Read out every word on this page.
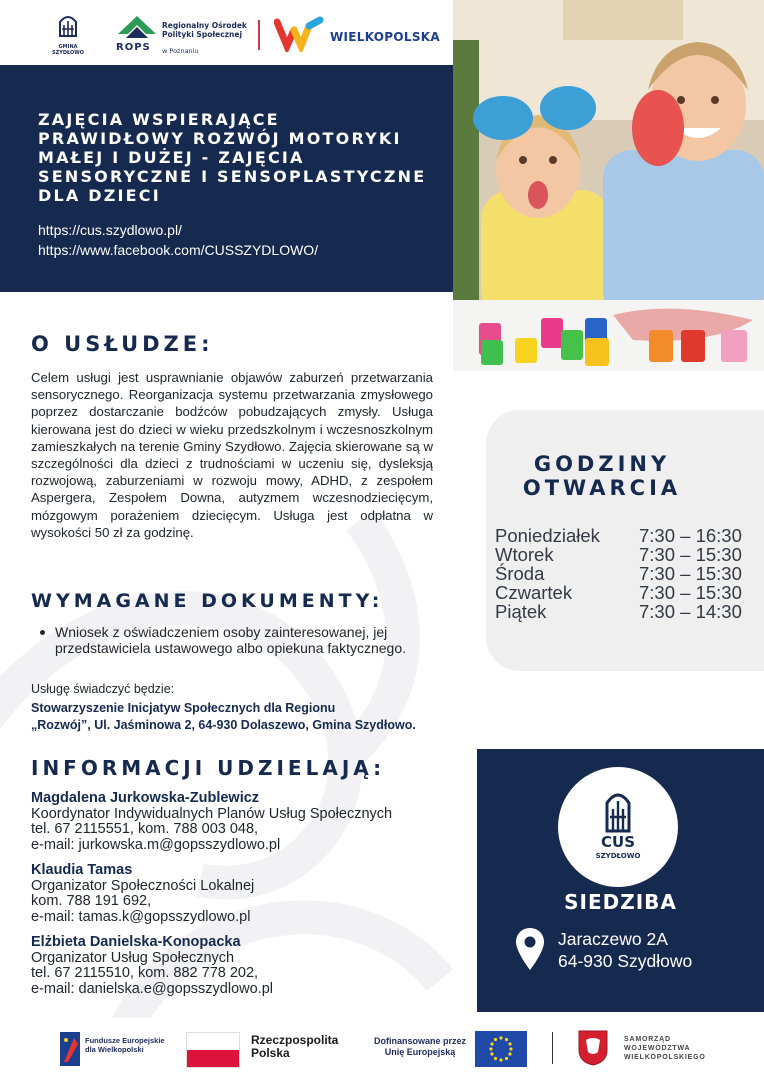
GMINA SZYDŁOWO	ROPS
Regionalny Ośrodek Polityki Społecznej
w Poznaniu
WIELKOPOLSKA
ZAJĘCIA WSPIERAJĄCE PRAWIDŁOWY ROZWÓJ MOTORYKI MAŁEJ I DUŻEJ - ZAJĘCIA SENSORYCZNE I SENSOPLASTYCZNE DLA DZIECI
https://cus.szydlowo.pl/
https://www.facebook.com/CUSSZYDLOWO/
O USŁUDZE:

Celem usługi jest usprawnianie objawów zaburzeń przetwarzania sensorycznego. Reorganizacja systemu przetwarzania zmysłowego poprzez dostarczanie bodźców pobudzających zmysły. Usługa kierowana jest do dzieci w wieku przedszkolnym i wczesnoszkolnym zamieszkałych na terenie Gminy Szydłowo. Zajęcia skierowane są w szczególności dla dzieci z trudnościami w uczeniu się, dysleksją rozwojową, zaburzeniami w rozwoju mowy, ADHD, z zespołem Aspergera, Zespołem Downa, autyzmem wczesnodziecięcym, mózgowym porażeniem dziecięcym. Usługa jest odpłatna w wysokości 50 zł za godzinę.

WYMAGANE DOKUMENTY:
Wniosek z oświadczeniem osoby zainteresowanej, jej przedstawiciela ustawowego albo opiekuna faktycznego.
Usługę świadczyć będzie:
Stowarzyszenie Inicjatyw Społecznych dla Regionu
„Rozwój”, Ul. Jaśminowa 2, 64-930 Dolaszewo, Gmina Szydłowo.
INFORMACJI UDZIELAJĄ:
Magdalena Jurkowska-Zublewicz
Koordynator Indywidualnych Planów Usług Społecznych
tel. 67 2115551, kom. 788 003 048,
e-mail: jurkowska.m@gopsszydlowo.pl
Klaudia Tamas
Organizator Społeczności Lokalnej
kom. 788 191 692,
e-mail: tamas.k@gopsszydlowo.pl
Elżbieta Danielska-Konopacka
Organizator Usług Społecznych
tel. 67 2115510, kom. 882 778 202,
e-mail: danielska.e@gopsszydlowo.pl
GODZINY
OTWARCIA
Poniedziałek 7:30 – 16:30
Wtorek	7:30 – 15:30
Środa	7:30 – 15:30
Czwartek	7:30 – 15:30
Piątek	7:30 – 14:30
CUS
SZYDŁOWO
SIEDZIBA
Jaraczewo 2A
64-930 Szydłowo
Fundusze Europejskie dla Wielkopolski
Rzeczpospolita Polska
Dofinansowane przez Unię Europejską
SAMORZĄD WOJEWÓDZTWA WIELKOPOLSKIEGO
